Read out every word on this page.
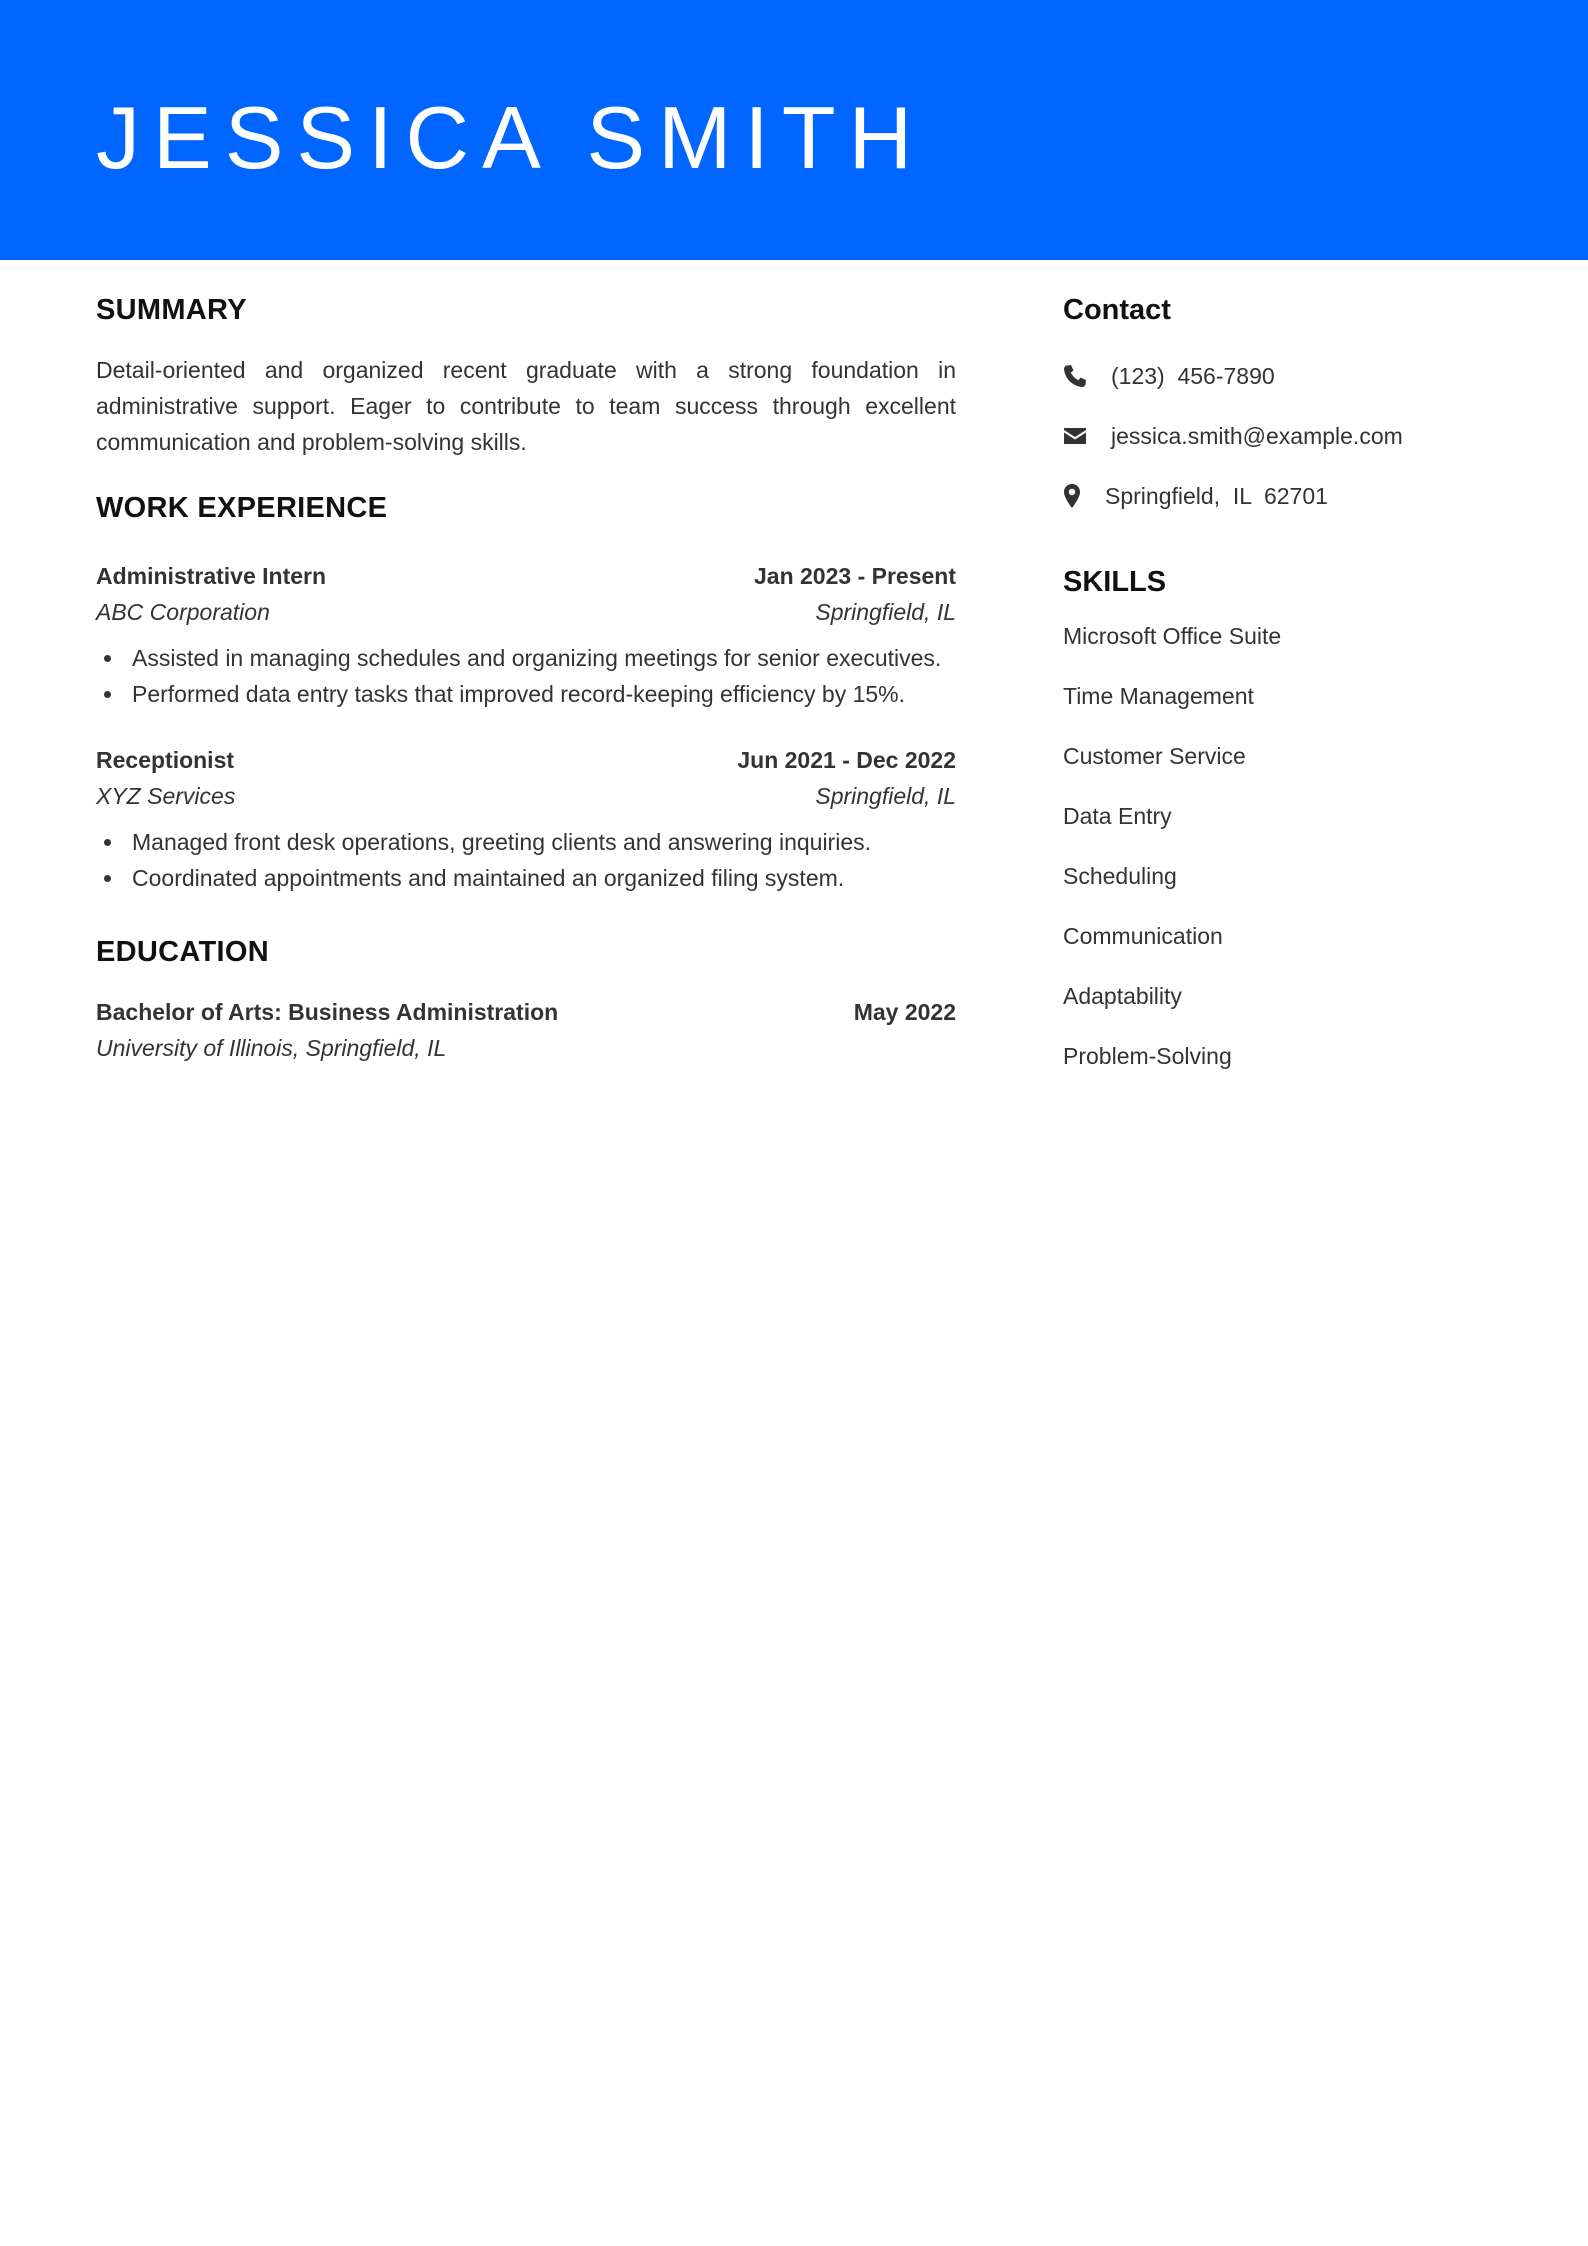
JESSICA SMITH
SUMMARY

Detail-oriented and organized recent graduate with a strong foundation in administrative support. Eager to contribute to team success through excellent communication and problem-solving skills.

WORK EXPERIENCE
Administrative Intern	Jan 2023 - Present
ABC Corporation	Springfield, IL
Assisted in managing schedules and organizing meetings for senior executives.
Performed data entry tasks that improved record-keeping efficiency by 15%.
Receptionist	Jun 2021 - Dec 2022
XYZ Services	Springfield, IL
Managed front desk operations, greeting clients and answering inquiries.
Coordinated appointments and maintained an organized filing system.
EDUCATION
Bachelor of Arts: Business Administration	May 2022
University of Illinois, Springfield, IL
Contact
(123)  456-7890
jessica.smith@example.com
Springfield,  IL  62701
SKILLS
Microsoft Office Suite
Time Management
Customer Service
Data Entry
Scheduling
Communication
Adaptability
Problem-Solving
